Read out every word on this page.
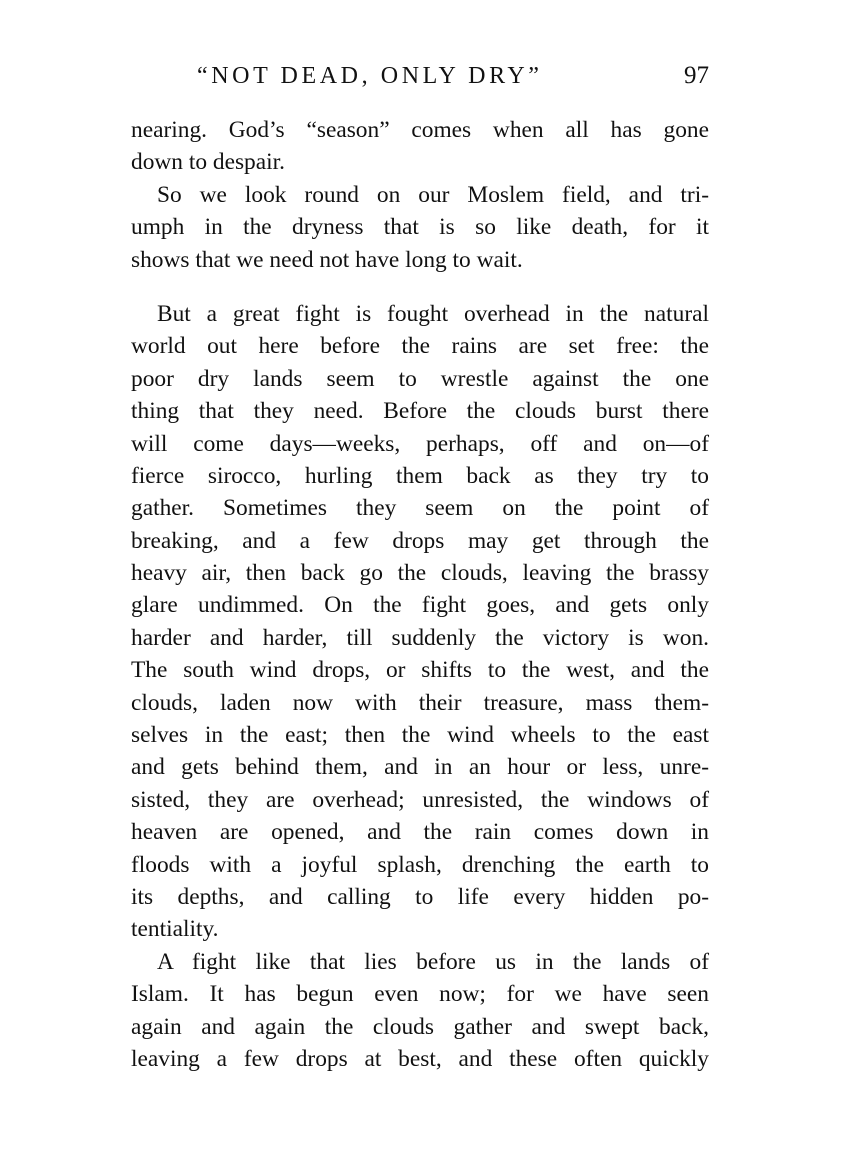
“NOT DEAD, ONLY DRY”	97
nearing. God’s “season” comes when all has gone
down to despair.
So we look round on our Moslem field, and tri-
umph in the dryness that is so like death, for it
shows that we need not have long to wait.
But a great fight is fought overhead in the natural
world out here before the rains are set free: the
poor dry lands seem to wrestle against the one
thing that they need. Before the clouds burst there
will come days—weeks, perhaps, off and on—of
fierce sirocco, hurling them back as they try to
gather. Sometimes they seem on the point of
breaking, and a few drops may get through the
heavy air, then back go the clouds, leaving the brassy
glare undimmed. On the fight goes, and gets only
harder and harder, till suddenly the victory is won.
The south wind drops, or shifts to the west, and the
clouds, laden now with their treasure, mass them-
selves in the east; then the wind wheels to the east
and gets behind them, and in an hour or less, unre-
sisted, they are overhead; unresisted, the windows of
heaven are opened, and the rain comes down in
floods with a joyful splash, drenching the earth to
its depths, and calling to life every hidden po-
tentiality.
A fight like that lies before us in the lands of
Islam. It has begun even now; for we have seen
again and again the clouds gather and swept back,
leaving a few drops at best, and these often quickly
